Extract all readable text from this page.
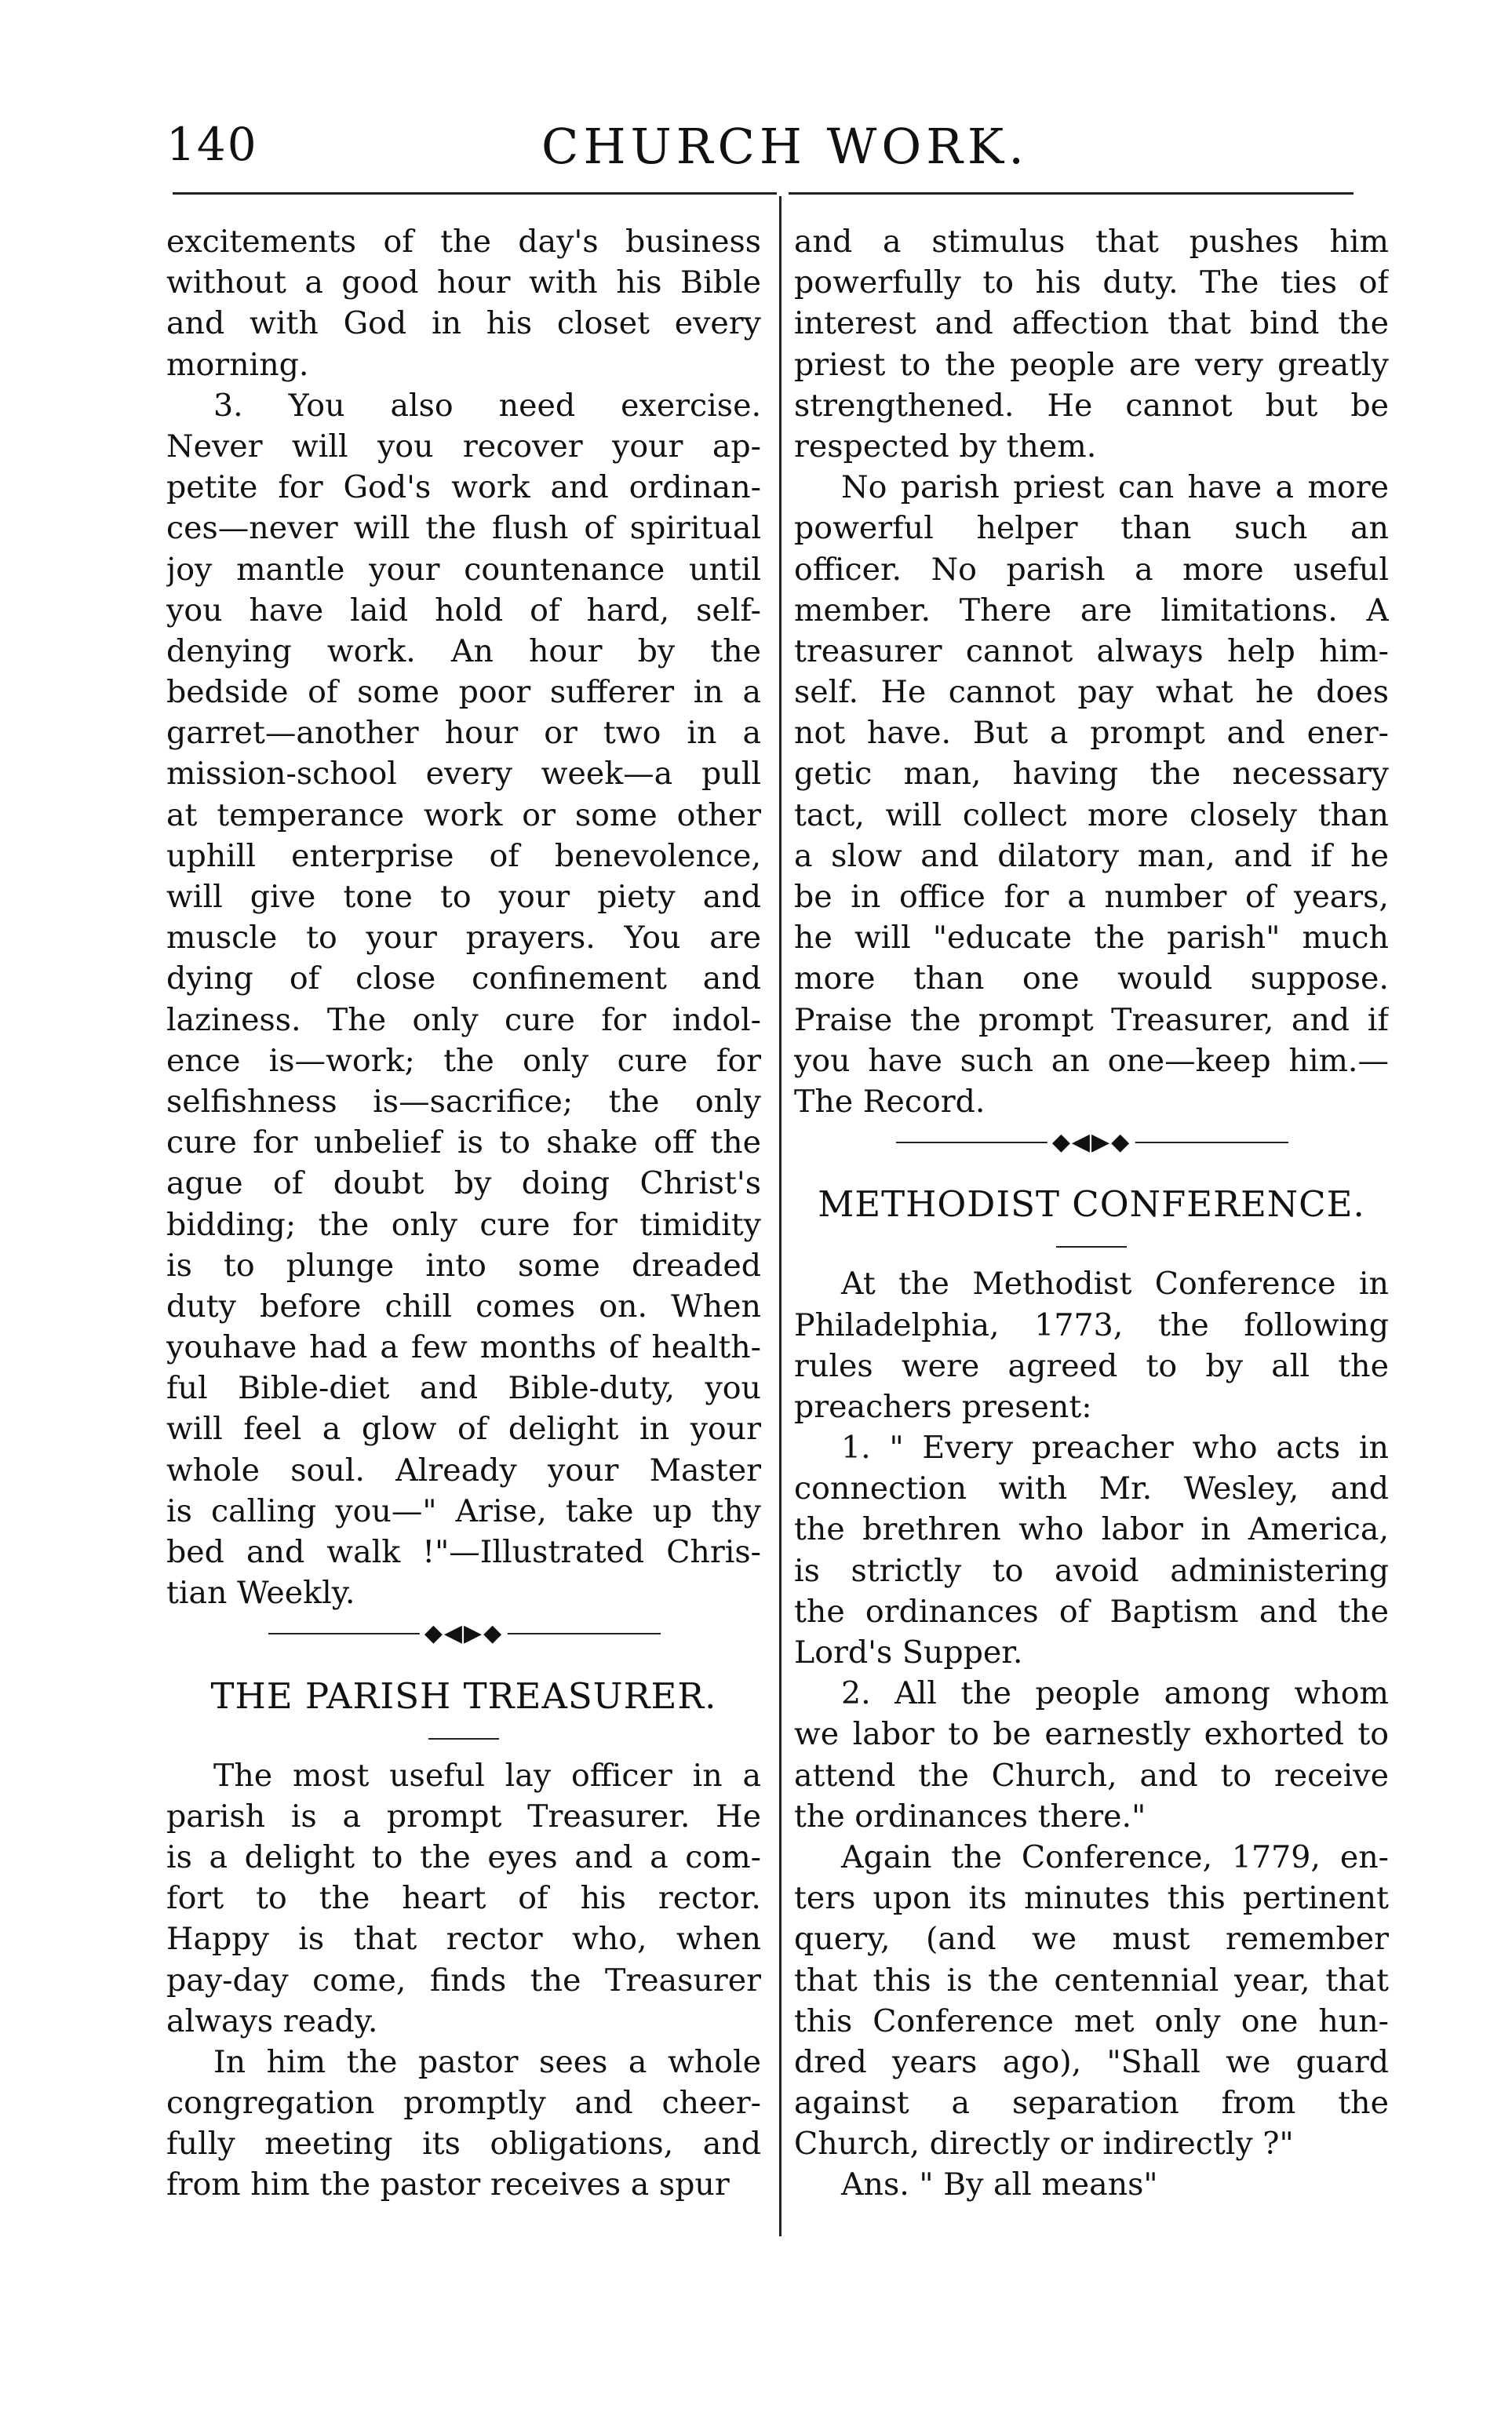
140	CHURCH WORK.
excitements of the day's business
without a good hour with his Bible
and with God in his closet every
morning.
3. You also need exercise.
Never will you recover your ap-
petite for God's work and ordinan-
ces—never will the flush of spiritual
joy mantle your countenance until
you have laid hold of hard, self-
denying work. An hour by the
bedside of some poor sufferer in a
garret—another hour or two in a
mission-school every week—a pull
at temperance work or some other
uphill enterprise of benevolence,
will give tone to your piety and
muscle to your prayers. You are
dying of close confinement and
laziness. The only cure for indol-
ence is—work; the only cure for
selfishness is—sacrifice; the only
cure for unbelief is to shake off the
ague of doubt by doing Christ's
bidding; the only cure for timidity
is to plunge into some dreaded
duty before chill comes on. When
youhave had a few months of health-
ful Bible-diet and Bible-duty, you
will feel a glow of delight in your
whole soul. Already your Master
is calling you—" Arise, take up thy
bed and walk !"—Illustrated Chris-
tian Weekly.
◆◀▶◆
THE PARISH TREASURER.
The most useful lay officer in a
parish is a prompt Treasurer. He
is a delight to the eyes and a com-
fort to the heart of his rector.
Happy is that rector who, when
pay-day come, finds the Treasurer
always ready.
In him the pastor sees a whole
congregation promptly and cheer-
fully meeting its obligations, and
from him the pastor receives a spur
and a stimulus that pushes him
powerfully to his duty. The ties of
interest and affection that bind the
priest to the people are very greatly
strengthened. He cannot but be
respected by them.
No parish priest can have a more
powerful helper than such an
officer. No parish a more useful
member. There are limitations. A
treasurer cannot always help him-
self. He cannot pay what he does
not have. But a prompt and ener-
getic man, having the necessary
tact, will collect more closely than
a slow and dilatory man, and if he
be in office for a number of years,
he will "educate the parish" much
more than one would suppose.
Praise the prompt Treasurer, and if
you have such an one—keep him.—
The Record.
◆◀▶◆
METHODIST CONFERENCE.
At the Methodist Conference in
Philadelphia, 1773, the following
rules were agreed to by all the
preachers present:
1. " Every preacher who acts in
connection with Mr. Wesley, and
the brethren who labor in America,
is strictly to avoid administering
the ordinances of Baptism and the
Lord's Supper.
2. All the people among whom
we labor to be earnestly exhorted to
attend the Church, and to receive
the ordinances there."
Again the Conference, 1779, en-
ters upon its minutes this pertinent
query, (and we must remember
that this is the centennial year, that
this Conference met only one hun-
dred years ago), "Shall we guard
against a separation from the
Church, directly or indirectly ?"
Ans. " By all means"
